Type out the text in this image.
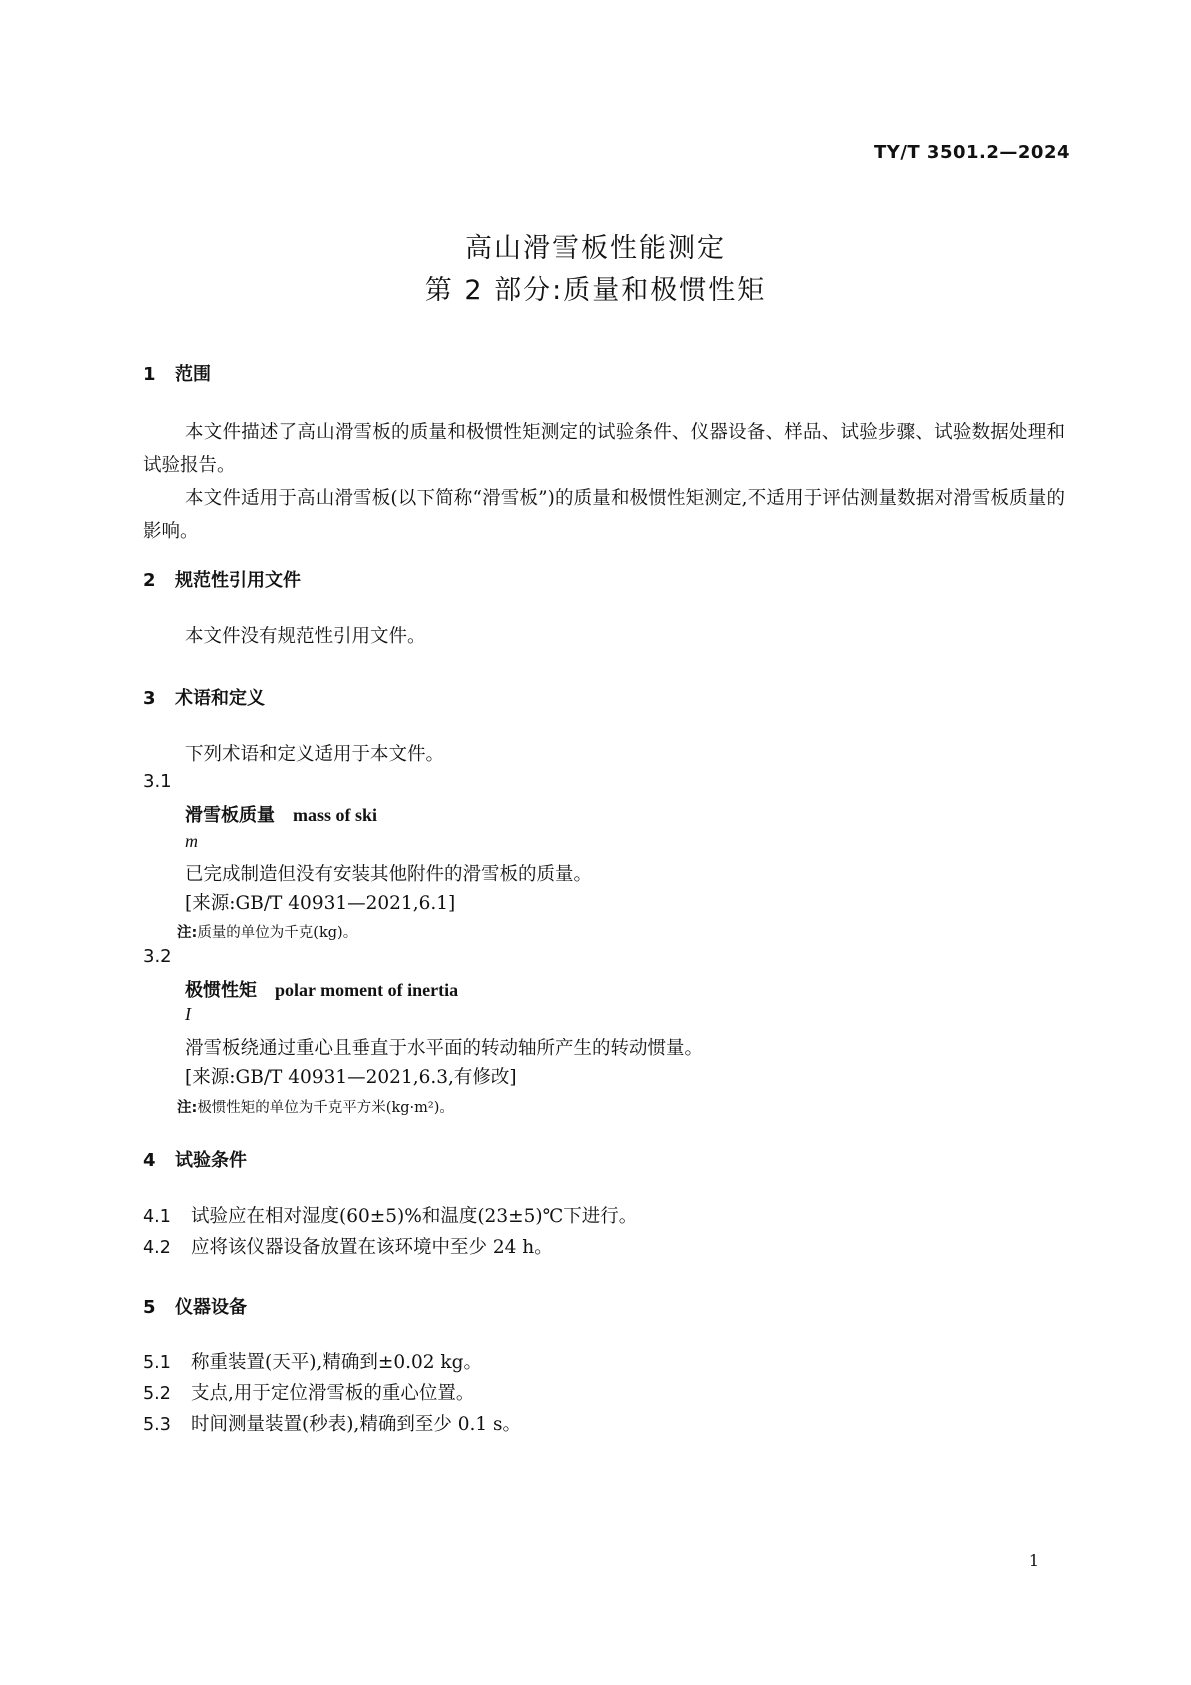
TY/T 3501.2—2024
高山滑雪板性能测定
第 2 部分:质量和极惯性矩
1 范围
本文件描述了高山滑雪板的质量和极惯性矩测定的试验条件、仪器设备、样品、试验步骤、试验数据处理和试验报告。
本文件适用于高山滑雪板(以下简称“滑雪板”)的质量和极惯性矩测定,不适用于评估测量数据对滑雪板质量的影响。
2 规范性引用文件
本文件没有规范性引用文件。
3 术语和定义
下列术语和定义适用于本文件。
3.1
滑雪板质量 mass of ski
m
已完成制造但没有安装其他附件的滑雪板的质量。
[来源:GB/T 40931—2021,6.1]
注:质量的单位为千克(kg)。
3.2
极惯性矩 polar moment of inertia
I
滑雪板绕通过重心且垂直于水平面的转动轴所产生的转动惯量。
[来源:GB/T 40931—2021,6.3,有修改]
注:极惯性矩的单位为千克平方米(kg·m²)。
4 试验条件
4.1 试验应在相对湿度(60±5)%和温度(23±5)℃下进行。
4.2 应将该仪器设备放置在该环境中至少 24 h。
5 仪器设备
5.1 称重装置(天平),精确到±0.02 kg。
5.2 支点,用于定位滑雪板的重心位置。
5.3 时间测量装置(秒表),精确到至少 0.1 s。
1
